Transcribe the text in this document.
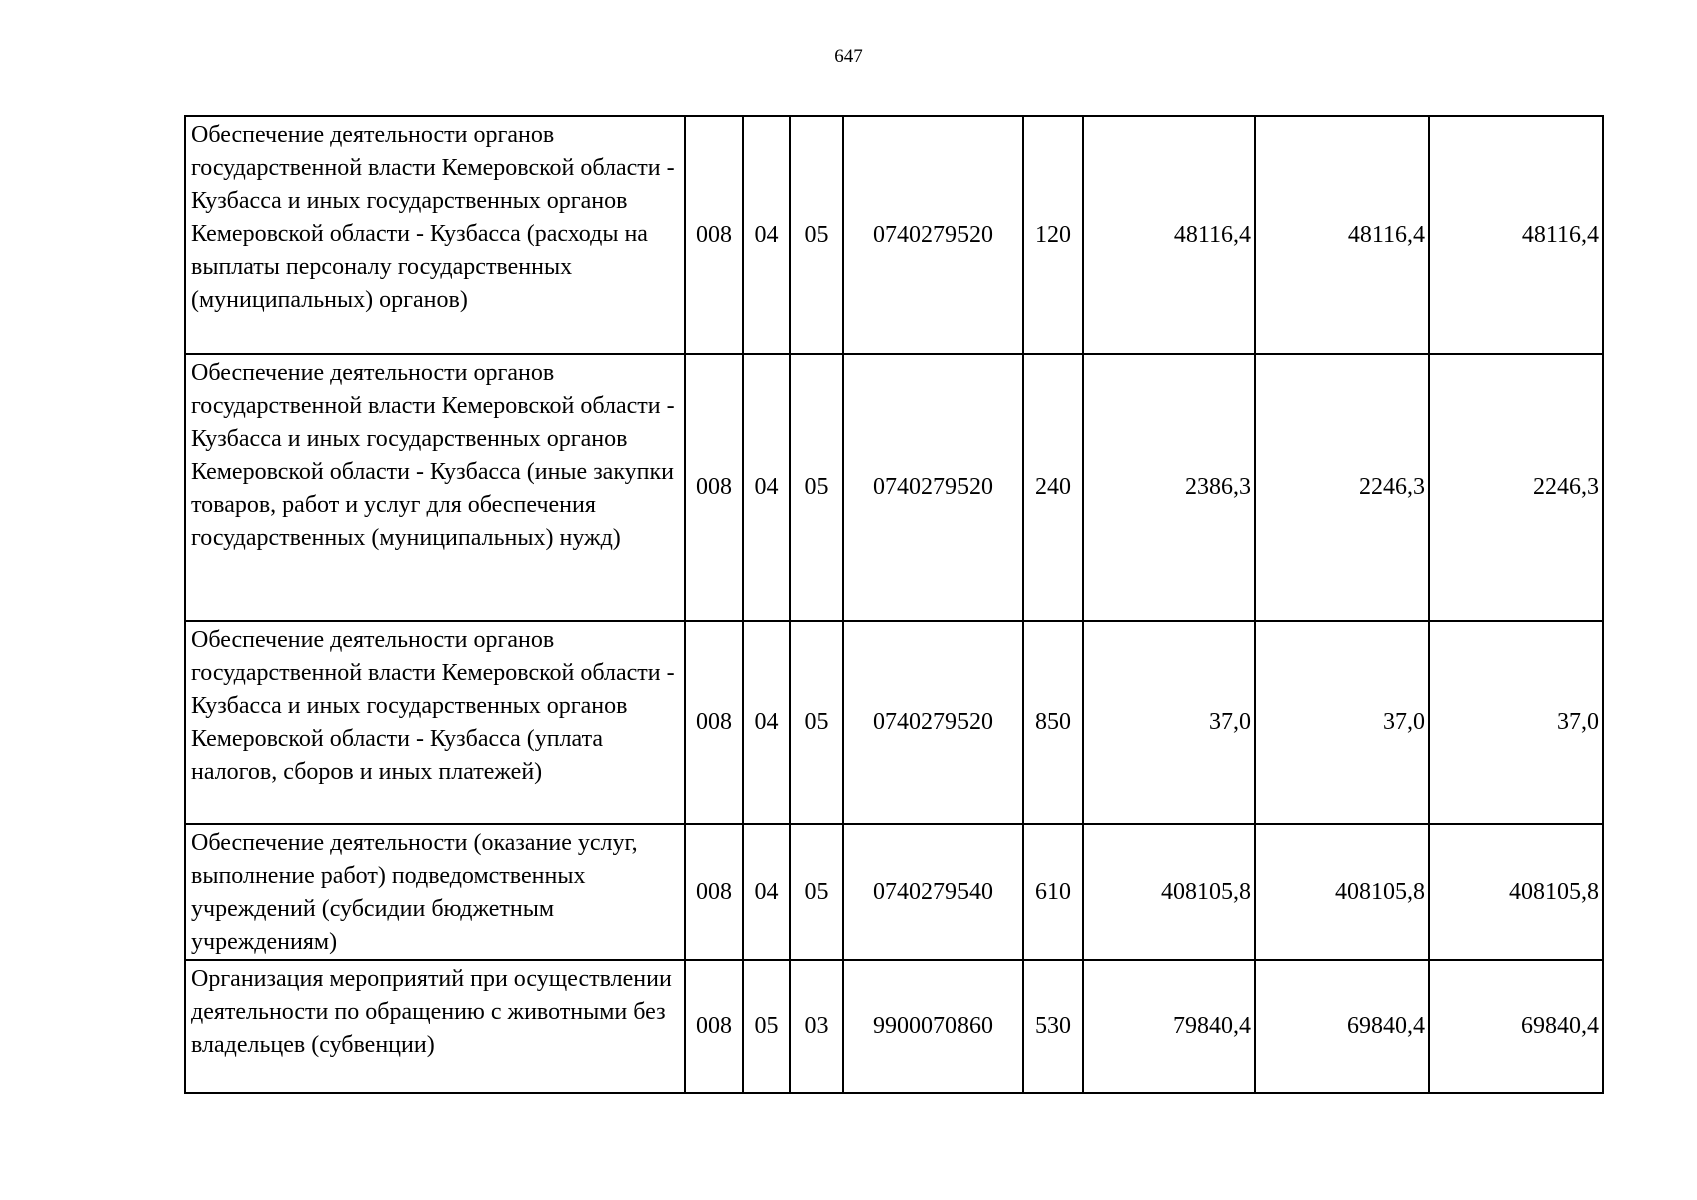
647
Обеспечение деятельности органов государственной власти Кемеровской области - Кузбасса и иных государственных органов Кемеровской области - Кузбасса (расходы на выплаты персоналу государственных (муниципальных) органов)	008	04	05	0740279520	120	48116,4	48116,4	48116,4
Обеспечение деятельности органов государственной власти Кемеровской области - Кузбасса и иных государственных органов Кемеровской области - Кузбасса (иные закупки товаров, работ и услуг для обеспечения государственных (муниципальных) нужд)	008	04	05	0740279520	240	2386,3	2246,3	2246,3
Обеспечение деятельности органов государственной власти Кемеровской области - Кузбасса и иных государственных органов Кемеровской области - Кузбасса (уплата налогов, сборов и иных платежей)	008	04	05	0740279520	850	37,0	37,0	37,0
Обеспечение деятельности (оказание услуг, выполнение работ) подведомственных учреждений (субсидии бюджетным учреждениям)	008	04	05	0740279540	610	408105,8	408105,8	408105,8
Организация мероприятий при осуществлении деятельности по обращению с животными без владельцев (субвенции)	008	05	03	9900070860	530	79840,4	69840,4	69840,4
